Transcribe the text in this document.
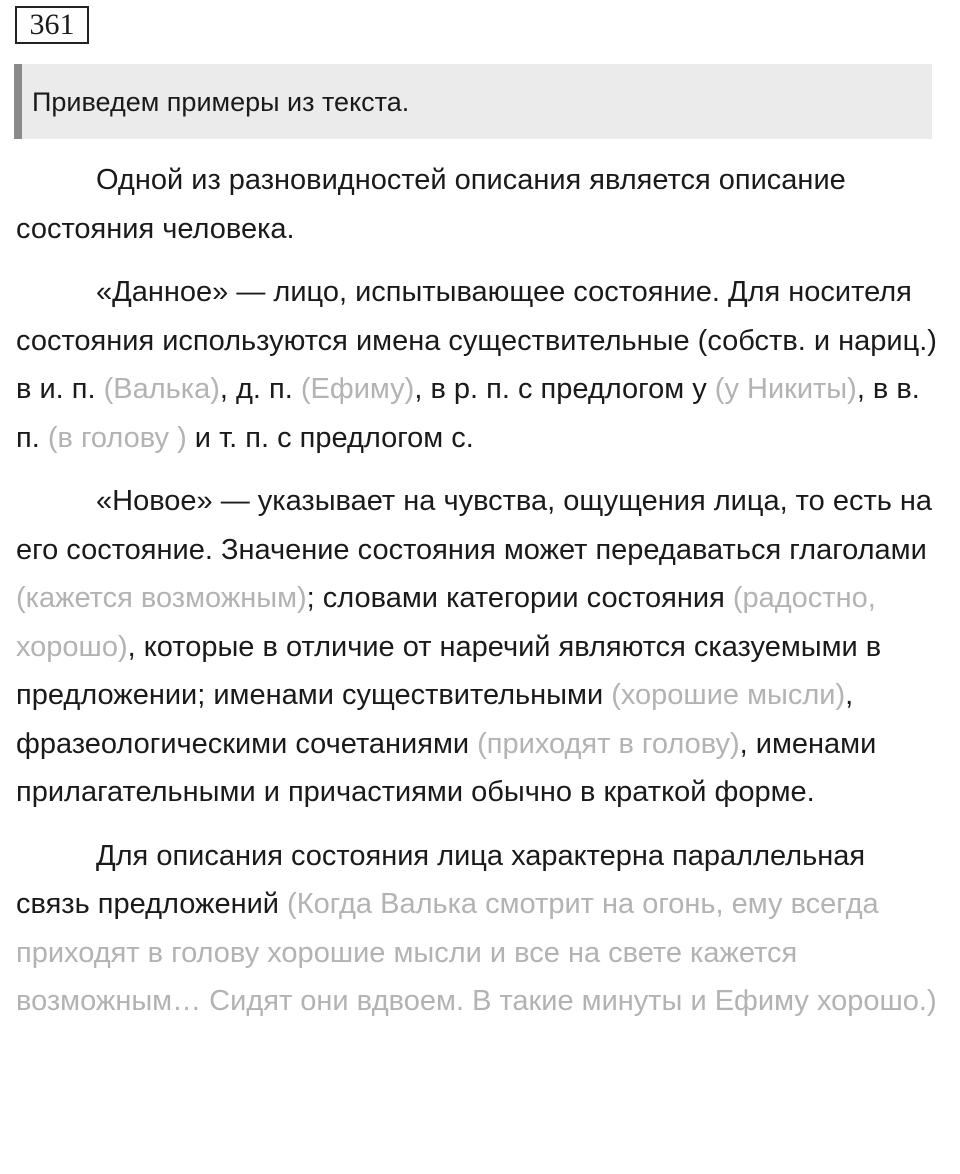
361
Приведем примеры из текста.

Одной из разновидностей описания является описание состояния человека.

«Данное» — лицо, испытывающее состояние. Для носителя состояния используются имена существительные (собств. и нариц.) в и. п. (Валька), д. п. (Ефиму), в р. п. с предлогом у (у Никиты), в в. п. (в голову ) и т. п. с предлогом с.

«Новое» — указывает на чувства, ощущения лица, то есть на его состояние. Значение состояния может передаваться глаголами (кажется возможным); словами категории состояния (радостно, хорошо), которые в отличие от наречий являются сказуемыми в предложении; именами существительными (хорошие мысли), фразеологическими сочетаниями (приходят в голову), именами прилагательными и причастиями обычно в краткой форме.

Для описания состояния лица характерна параллельная связь предложений (Когда Валька смотрит на огонь, ему всегда приходят в голову хорошие мысли и все на свете кажется возможным… Сидят они вдвоем. В такие минуты и Ефиму хорошо.)
